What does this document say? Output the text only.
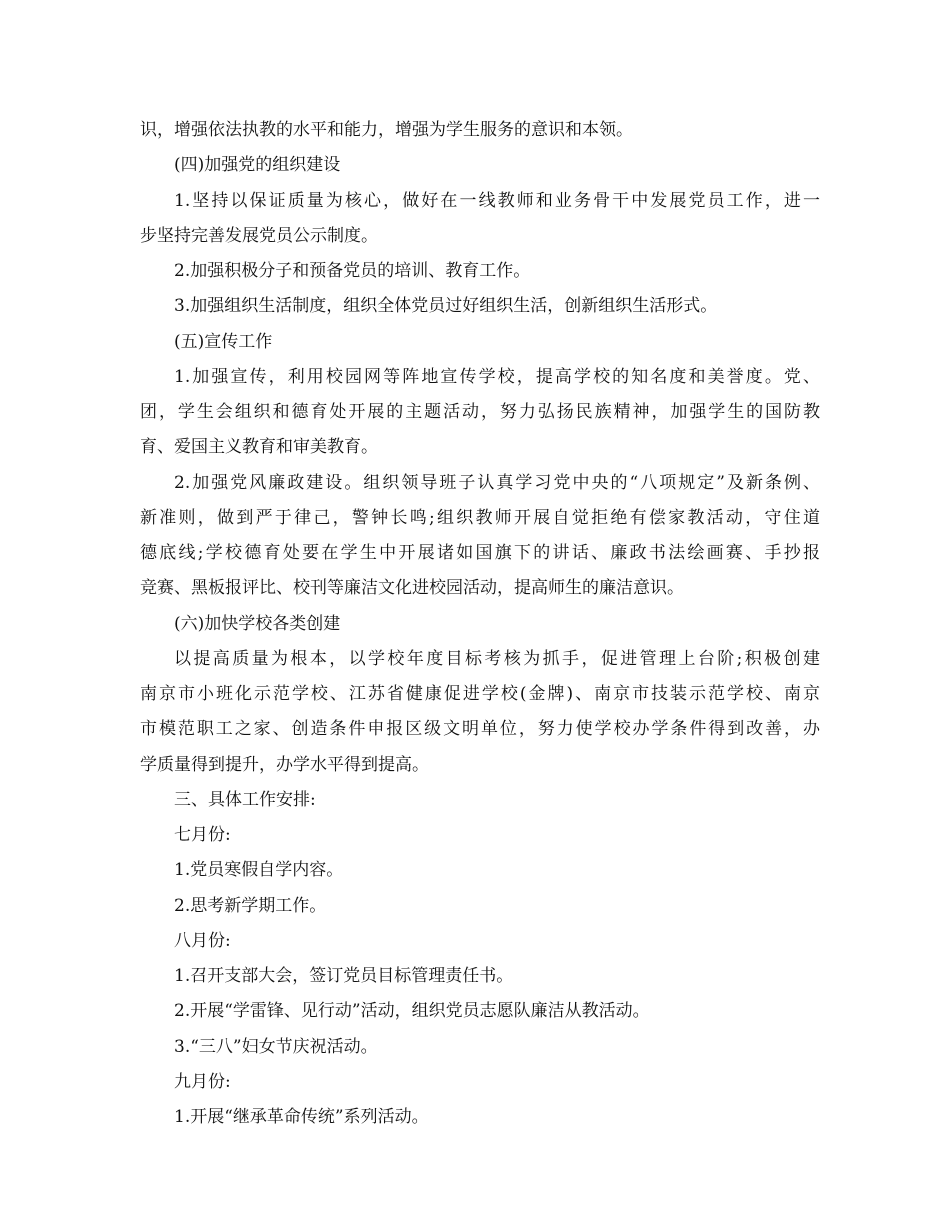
识，增强依法执教的水平和能力，增强为学生服务的意识和本领。

(四)加强党的组织建设

1.坚持以保证质量为核心，做好在一线教师和业务骨干中发展党员工作，进一

步坚持完善发展党员公示制度。

2.加强积极分子和预备党员的培训、教育工作。

3.加强组织生活制度，组织全体党员过好组织生活，创新组织生活形式。

(五)宣传工作

1.加强宣传，利用校园网等阵地宣传学校，提高学校的知名度和美誉度。党、

团，学生会组织和德育处开展的主题活动，努力弘扬民族精神，加强学生的国防教

育、爱国主义教育和审美教育。

2.加强党风廉政建设。组织领导班子认真学习党中央的“八项规定”及新条例、

新准则，做到严于律己，警钟长鸣;组织教师开展自觉拒绝有偿家教活动，守住道

德底线;学校德育处要在学生中开展诸如国旗下的讲话、廉政书法绘画赛、手抄报

竞赛、黑板报评比、校刊等廉洁文化进校园活动，提高师生的廉洁意识。

(六)加快学校各类创建

以提高质量为根本，以学校年度目标考核为抓手，促进管理上台阶;积极创建

南京市小班化示范学校、江苏省健康促进学校(金牌)、南京市技装示范学校、南京

市模范职工之家、创造条件申报区级文明单位，努力使学校办学条件得到改善，办

学质量得到提升，办学水平得到提高。

三、具体工作安排:

七月份:

1.党员寒假自学内容。

2.思考新学期工作。

八月份:

1.召开支部大会，签订党员目标管理责任书。

2.开展“学雷锋、见行动”活动，组织党员志愿队廉洁从教活动。

3.“三八”妇女节庆祝活动。

九月份:

1.开展“继承革命传统”系列活动。
